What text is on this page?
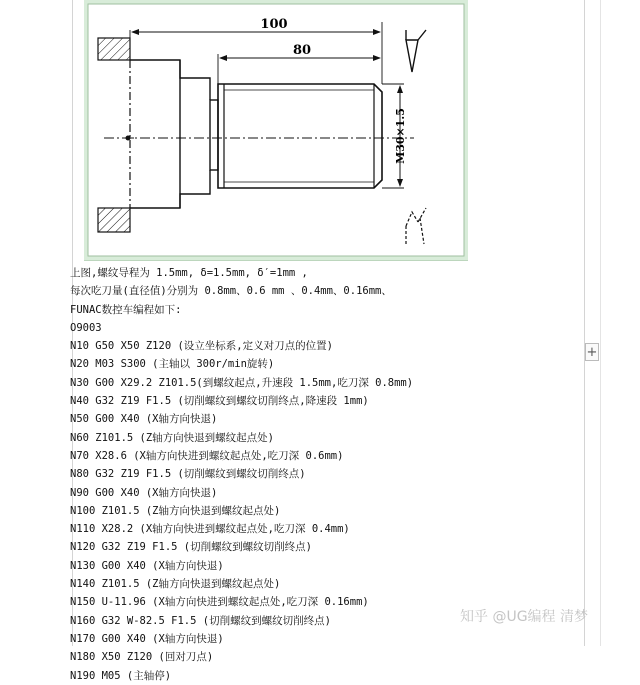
100
80
M30×1.5
上图,螺纹导程为 1.5mm, δ=1.5mm, δ′=1mm ,
每次吃刀量(直径值)分别为 0.8mm、0.6 mm 、0.4mm、0.16mm、
FUNAC数控车编程如下:
O9003
N10 G50 X50 Z120 (设立坐标系,定义对刀点的位置)
N20 M03 S300 (主轴以 300r/min旋转)
N30 G00 X29.2 Z101.5(到螺纹起点,升速段 1.5mm,吃刀深 0.8mm)
N40 G32 Z19 F1.5 (切削螺纹到螺纹切削终点,降速段 1mm)
N50 G00 X40 (X轴方向快退)
N60 Z101.5 (Z轴方向快退到螺纹起点处)
N70 X28.6 (X轴方向快进到螺纹起点处,吃刀深 0.6mm)
N80 G32 Z19 F1.5 (切削螺纹到螺纹切削终点)
N90 G00 X40 (X轴方向快退)
N100 Z101.5 (Z轴方向快退到螺纹起点处)
N110 X28.2 (X轴方向快进到螺纹起点处,吃刀深 0.4mm)
N120 G32 Z19 F1.5 (切削螺纹到螺纹切削终点)
N130 G00 X40 (X轴方向快退)
N140 Z101.5 (Z轴方向快退到螺纹起点处)
N150 U-11.96 (X轴方向快进到螺纹起点处,吃刀深 0.16mm)
N160 G32 W-82.5 F1.5 (切削螺纹到螺纹切削终点)
N170 G00 X40 (X轴方向快退)
N180 X50 Z120 (回对刀点)
N190 M05 (主轴停)
+
知乎 @UG编程 清梦
